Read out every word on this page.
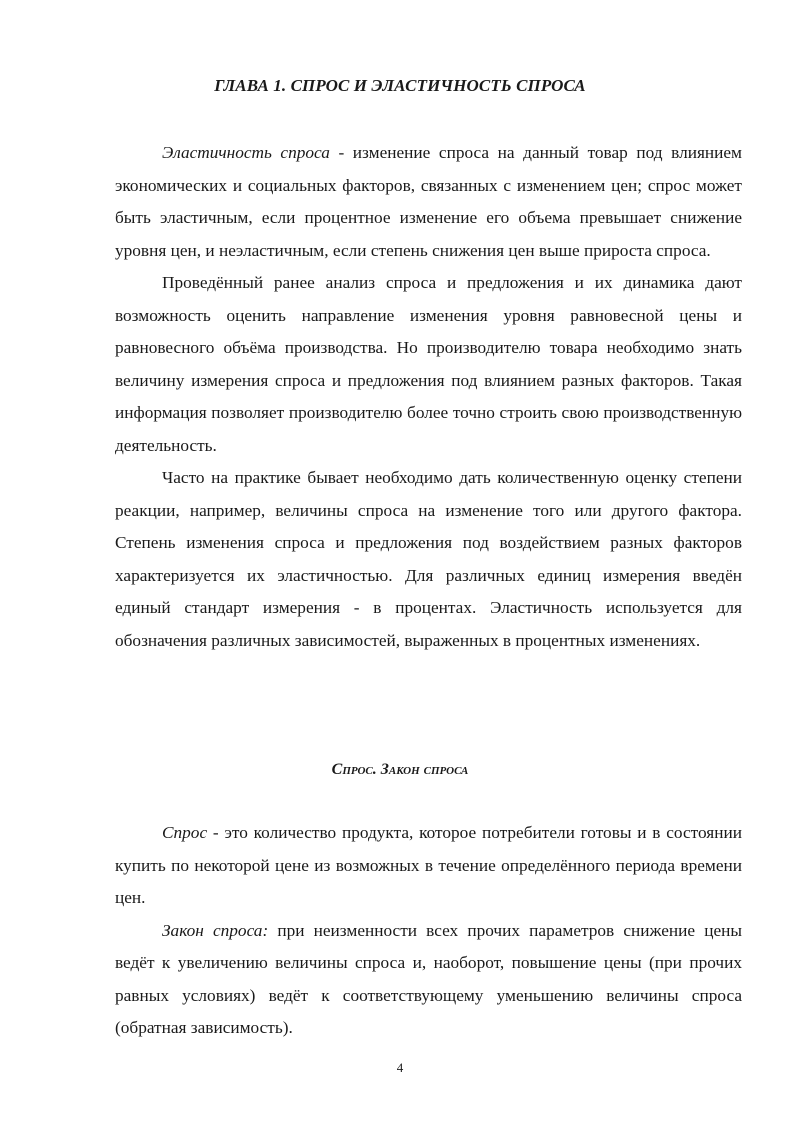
ГЛАВА 1. СПРОС И ЭЛАСТИЧНОСТЬ СПРОСА

Эластичность спроса - изменение спроса на данный товар под влиянием экономических и социальных факторов, связанных с изменением цен; спрос может быть эластичным, если процентное изменение его объема превышает снижение уровня цен, и неэластичным, если степень снижения цен выше прироста спроса.

Проведённый ранее анализ спроса и предложения и их динамика дают возможность оценить направление изменения уровня равновесной цены и равновесного объёма производства. Но производителю товара необходимо знать величину измерения спроса и предложения под влиянием разных факторов. Такая информация позволяет производителю более точно строить свою производственную деятельность.

Часто на практике бывает необходимо дать количественную оценку степени реакции, например, величины спроса на изменение того или другого фактора. Степень изменения спроса и предложения под воздействием разных факторов характеризуется их эластичностью. Для различных единиц измерения введён единый стандарт измерения - в процентах. Эластичность используется для обозначения различных зависимостей, выраженных в процентных изменениях.

Спрос. Закон спроса

Спрос - это количество продукта, которое потребители готовы и в состоянии купить по некоторой цене из возможных в течение определённого периода времени цен.

Закон спроса: при неизменности всех прочих параметров снижение цены ведёт к увеличению величины спроса и, наоборот, повышение цены (при прочих равных условиях) ведёт к соответствующему уменьшению величины спроса (обратная зависимость).

4
